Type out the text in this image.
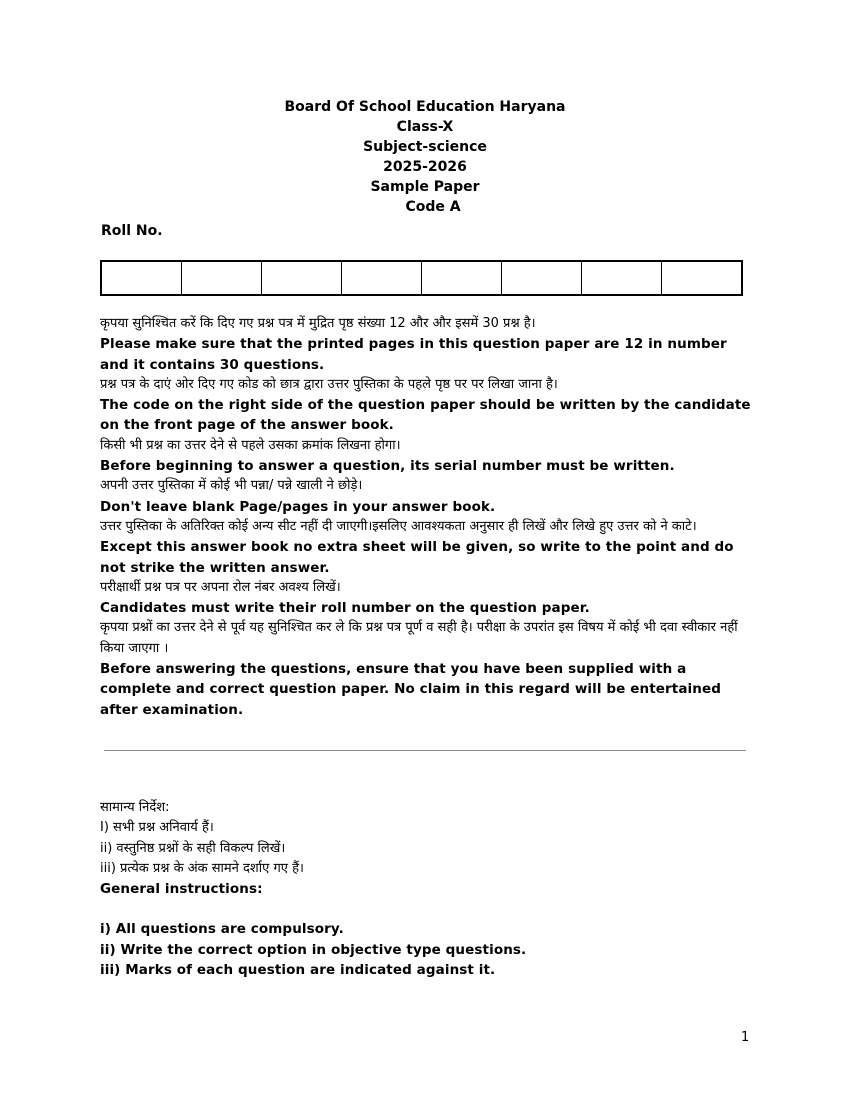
Board Of School Education Haryana
Class-X
Subject-science
2025-2026
Sample Paper
Code A
Roll No.

कृपया सुनिश्चित करें कि दिए गए प्रश्न पत्र में मुद्रित पृष्ठ संख्या 12 और और इसमें 30 प्रश्न है।

Please make sure that the printed pages in this question paper are 12 in number and it contains 30 questions.

प्रश्न पत्र के दाएं ओर दिए गए कोड को छात्र द्वारा उत्तर पुस्तिका के पहले पृष्ठ पर पर लिखा जाना है।

The code on the right side of the question paper should be written by the candidate on the front page of the answer book.

किसी भी प्रश्न का उत्तर देने से पहले उसका क्रमांक लिखना होगा।

Before beginning to answer a question, its serial number must be written.

अपनी उत्तर पुस्तिका में कोई भी पन्ना/ पन्ने खाली ने छोड़े।

Don't leave blank Page/pages in your answer book.

उत्तर पुस्तिका के अतिरिक्त कोई अन्य सीट नहीं दी जाएगी।इसलिए आवश्यकता अनुसार ही लिखें और लिखे हुए उत्तर को ने काटे।

Except this answer book no extra sheet will be given, so write to the point and do not strike the written answer.

परीक्षार्थी प्रश्न पत्र पर अपना रोल नंबर अवश्य लिखें।

Candidates must write their roll number on the question paper.

कृपया प्रश्नों का उत्तर देने से पूर्व यह सुनिश्चित कर ले कि प्रश्न पत्र पूर्ण व सही है। परीक्षा के उपरांत इस विषय में कोई भी दवा स्वीकार नहीं किया जाएगा ।

Before answering the questions, ensure that you have been supplied with a complete and correct question paper. No claim in this regard will be entertained after examination.

सामान्य निर्देश:

I) सभी प्रश्न अनिवार्य हैं।

ii) वस्तुनिष्ठ प्रश्नों के सही विकल्प लिखें।

iii) प्रत्येक प्रश्न के अंक सामने दर्शाए गए हैं।

General instructions:

i) All questions are compulsory.

ii) Write the correct option in objective type questions.

iii) Marks of each question are indicated against it.

1
